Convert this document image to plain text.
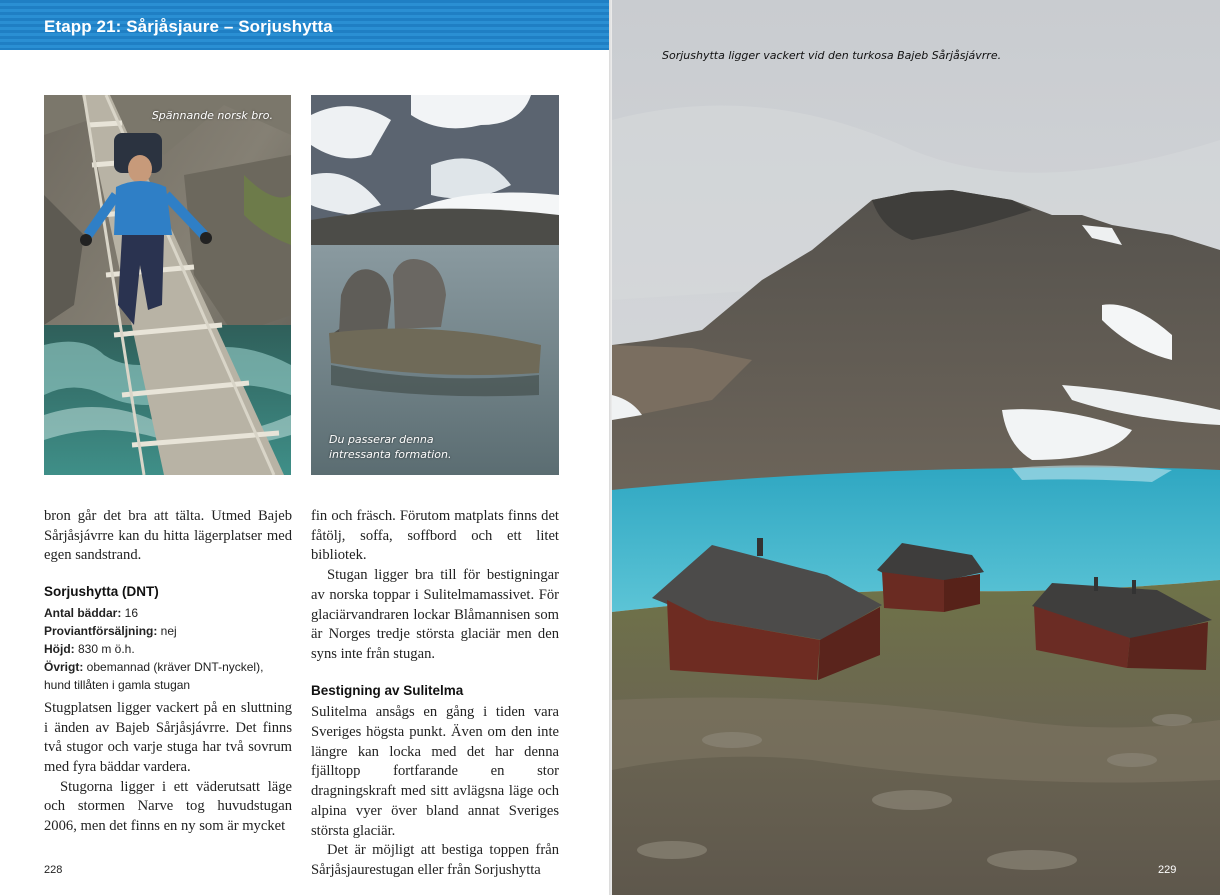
Etapp 21: Sårjåsjaure – Sorjushytta
Spännande norsk bro.
Du passerar denna
intressanta formation.

bron går det bra att tälta. Utmed Bajeb Sårjåsjávrre kan du hitta lägerplatser med egen sandstrand.

Sorjushytta (DNT)
Antal bäddar: 16
Proviantförsäljning: nej
Höjd: 830 m ö.h.
Övrigt: obemannad (kräver DNT-nyckel), hund tillåten i gamla stugan

Stugplatsen ligger vackert på en sluttning i änden av Bajeb Sårjåsjávrre. Det finns två stugor och varje stuga har två sovrum med fyra bäddar vardera.

Stugorna ligger i ett väderutsatt läge och stormen Narve tog huvudstugan 2006, men det finns en ny som är mycket

fin och fräsch. Förutom matplats finns det fåtölj, soffa, soffbord och ett litet bibliotek.

Stugan ligger bra till för bestigningar av norska toppar i Sulitelmamassivet. För glaciärvandraren lockar Blåmannisen som är Norges tredje största glaciär men den syns inte från stugan.

Bestigning av Sulitelma

Sulitelma ansågs en gång i tiden vara Sveriges högsta punkt. Även om den inte längre kan locka med det har denna fjälltopp fortfarande en stor dragningskraft med sitt avlägsna läge och alpina vyer över bland annat Sveriges största glaciär.

Det är möjligt att bestiga toppen från Sårjåsjaurestugan eller från Sorjushytta

228
Sorjushytta ligger vackert vid den turkosa Bajeb Sårjåsjávrre.
229
